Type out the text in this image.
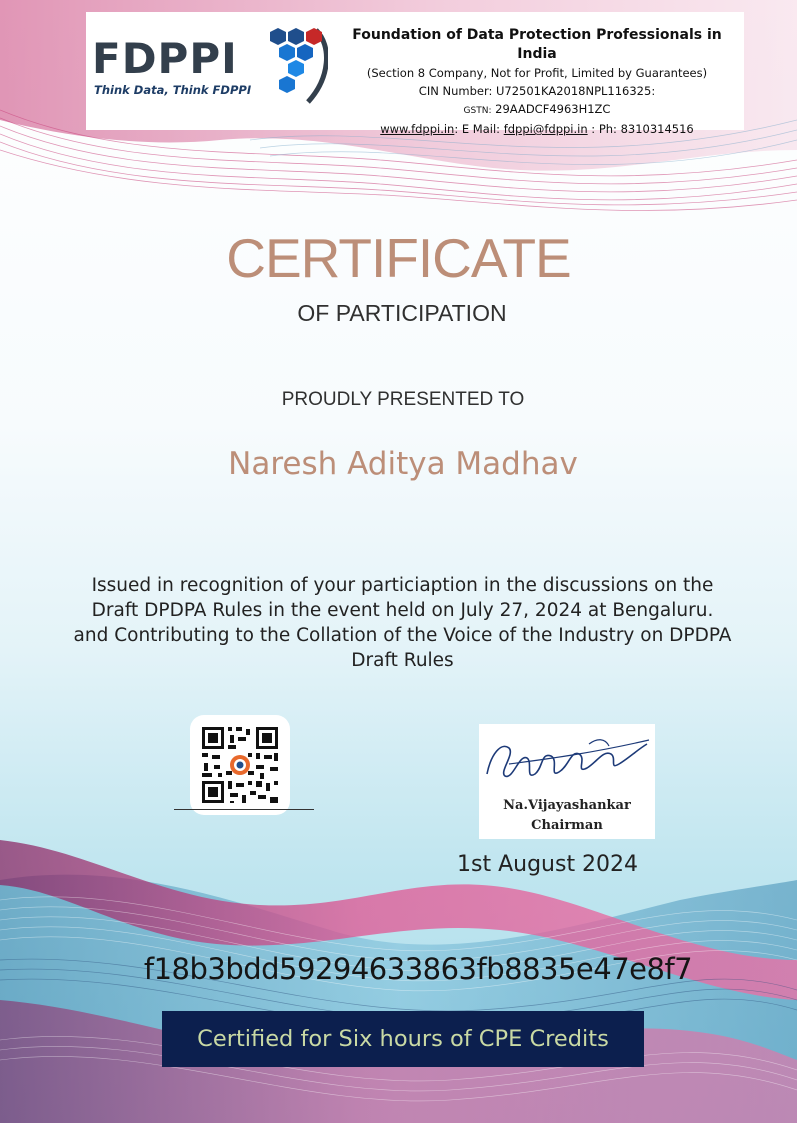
FDPPI
Think Data, Think FDPPI
Foundation of Data Protection Professionals in India
(Section 8 Company, Not for Profit, Limited by Guarantees)
CIN Number: U72501KA2018NPL116325:
GSTN: 29AADCF4963H1ZC
www.fdppi.in: E Mail: fdppi@fdppi.in : Ph: 8310314516
CERTIFICATE
OF PARTICIPATION
PROUDLY PRESENTED TO
Naresh Aditya Madhav
Issued in recognition of your particiaption in the discussions on the
Draft DPDPA Rules in the event held on July 27, 2024 at Bengaluru.
and Contributing to the Collation of the Voice of the Industry on DPDPA
Draft Rules
Na.Vijayashankar
Chairman
1st August 2024
f18b3bdd59294633863fb8835e47e8f7
Certified for Six hours of CPE Credits
